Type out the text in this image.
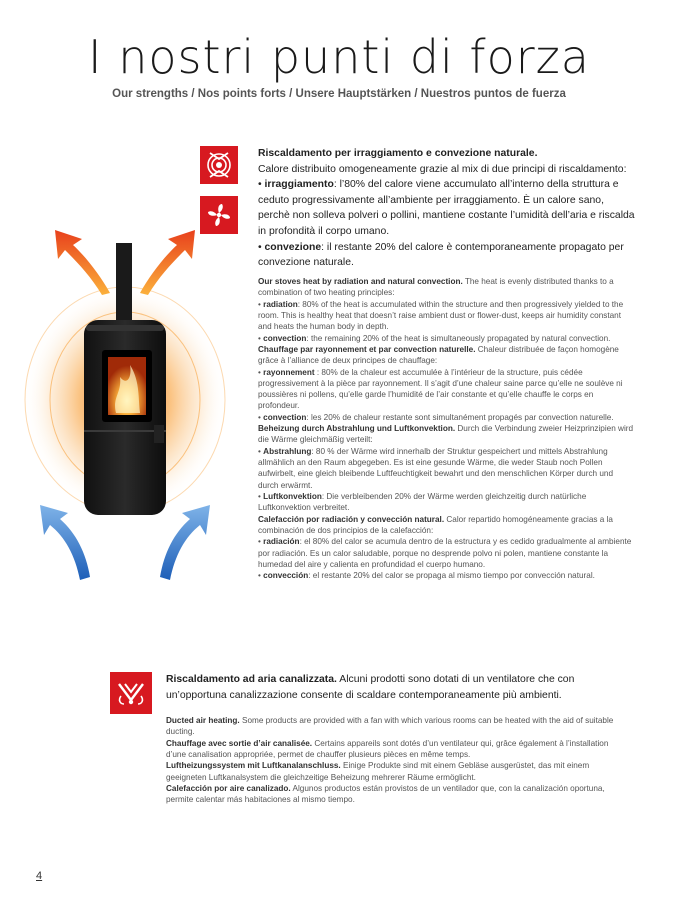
I nostri punti di forza
Our strengths / Nos points forts / Unsere Hauptstärken / Nuestros puntos de fuerza
Riscaldamento per irraggiamento e convezione naturale.
Calore distribuito omogeneamente grazie al mix di due principi di riscaldamento:
• irraggiamento: l’80% del calore viene accumulato all’interno della struttura e ceduto progressivamente all’ambiente per irraggiamento. È un calore sano, perchè non solleva polveri o pollini, mantiene costante l’umidità dell’aria e riscalda in profondità il corpo umano.
• convezione: il restante 20% del calore è contemporaneamente propagato per convezione naturale.

Our stoves heat by radiation and natural convection. The heat is evenly distributed thanks to a combination of two heating principles:

• radiation: 80% of the heat is accumulated within the structure and then progressively yielded to the room. This is healthy heat that doesn’t raise ambient dust or flower-dust, keeps air humidity constant and heats the human body in depth.

• convection: the remaining 20% of the heat is simultaneously propagated by natural convection.

Chauffage par rayonnement et par convection naturelle. Chaleur distribuée de façon homogène grâce à l’alliance de deux principes de chauffage:

• rayonnement : 80% de la chaleur est accumulée à l’intérieur de la structure, puis cédée progressivement à la pièce par rayonnement. Il s’agit d’une chaleur saine parce qu’elle ne soulève ni poussières ni pollens, qu’elle garde l’humidité de l’air constante et qu’elle chauffe le corps en profondeur.

• convection: les 20% de chaleur restante sont simultanément propagés par convection naturelle.

Beheizung durch Abstrahlung und Luftkonvektion. Durch die Verbindung zweier Heizprinzipien wird die Wärme gleichmäßig verteilt:

• Abstrahlung: 80 % der Wärme wird innerhalb der Struktur gespeichert und mittels Abstrahlung allmählich an den Raum abgegeben. Es ist eine gesunde Wärme, die weder Staub noch Pollen aufwirbelt, eine gleich bleibende Luftfeuchtigkeit bewahrt und den menschlichen Körper durch und durch erwärmt.

• Luftkonvektion: Die verbleibenden 20% der Wärme werden gleichzeitig durch natürliche Luftkonvektion verbreitet.

Calefacción por radiación y convección natural. Calor repartido homogéneamente gracias a la combinación de dos principios de la calefacción:

• radiación: el 80% del calor se acumula dentro de la estructura y es cedido gradualmente al ambiente por radiación. Es un calor saludable, porque no desprende polvo ni polen, mantiene constante la humedad del aire y calienta en profundidad el cuerpo humano.

• convección: el restante 20% del calor se propaga al mismo tiempo por convección natural.

Riscaldamento ad aria canalizzata. Alcuni prodotti sono dotati di un ventilatore che con un’opportuna canalizzazione consente di scaldare contemporaneamente più ambienti.

Ducted air heating. Some products are provided with a fan with which various rooms can be heated with the aid of suitable ducting.

Chauffage avec sortie d’air canalisée. Certains appareils sont dotés d’un ventilateur qui, grâce également à l’installation d’une canalisation appropriée, permet de chauffer plusieurs pièces en même temps.

Luftheizungssystem mit Luftkanalanschluss. Einige Produkte sind mit einem Gebläse ausgerüstet, das mit einem geeigneten Luftkanalsystem die gleichzeitige Beheizung mehrerer Räume ermöglicht.

Calefacción por aire canalizado. Algunos productos están provistos de un ventilador que, con la canalización oportuna, permite calentar más habitaciones al mismo tiempo.

4
